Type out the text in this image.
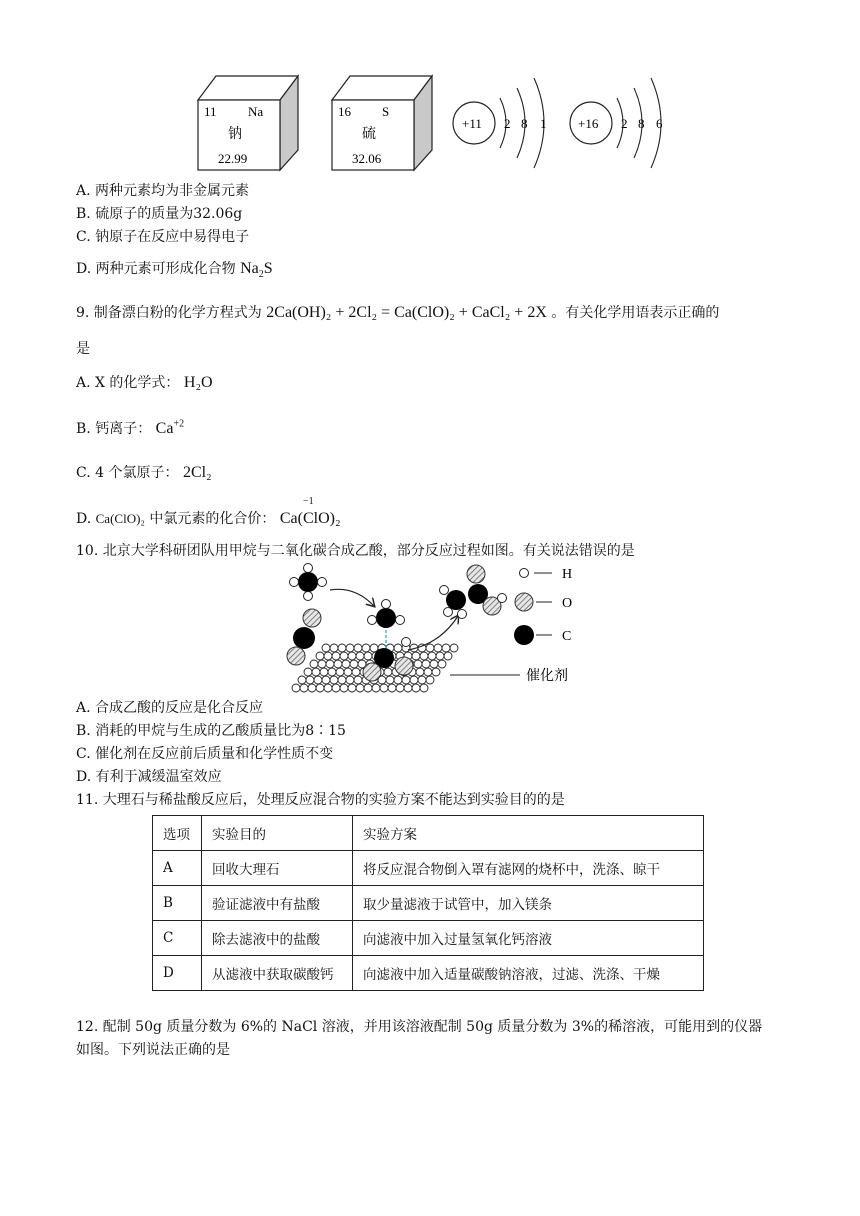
11 Na
钠
22.99
16 S
硫
32.06
+11 2 8 1 +16 2 8 6
A. 两种元素均为非金属元素
B. 硫原子的质量为32.06g
C. 钠原子在反应中易得电子
D. 两种元素可形成化合物 $Na_2S$
9. 制备漂白粉的化学方程式为 2Ca(OH)₂ + 2Cl₂ = Ca(ClO)₂ + CaCl₂ + 2X 。有关化学用语表示正确的
是
A. X 的化学式： H₂O
B. 钙离子： $Ca^{+2}$
C. 4 个氯原子： 2Cl₂
D. Ca(ClO)₂ 中氯元素的化合价： Ca(
−1
ClO)₂
10. 北京大学科研团队用甲烷与二氧化碳合成乙酸，部分反应过程如图。有关说法错误的是
H
O
C
催化剂
A. 合成乙酸的反应是化合反应
B. 消耗的甲烷与生成的乙酸质量比为8∶15
C. 催化剂在反应前后质量和化学性质不变
D. 有利于减缓温室效应
11. 大理石与稀盐酸反应后，处理反应混合物的实验方案不能达到实验目的的是
选项	实验目的	实验方案
A	回收大理石	将反应混合物倒入罩有滤网的烧杯中，洗涤、晾干
B	验证滤液中有盐酸	取少量滤液于试管中，加入镁条
C	除去滤液中的盐酸	向滤液中加入过量氢氧化钙溶液
D	从滤液中获取碳酸钙	向滤液中加入适量碳酸钠溶液，过滤、洗涤、干燥
12. 配制 50g 质量分数为 6%的 NaCl 溶液，并用该溶液配制 50g 质量分数为 3%的稀溶液，可能用到的仪器
如图。下列说法正确的是
